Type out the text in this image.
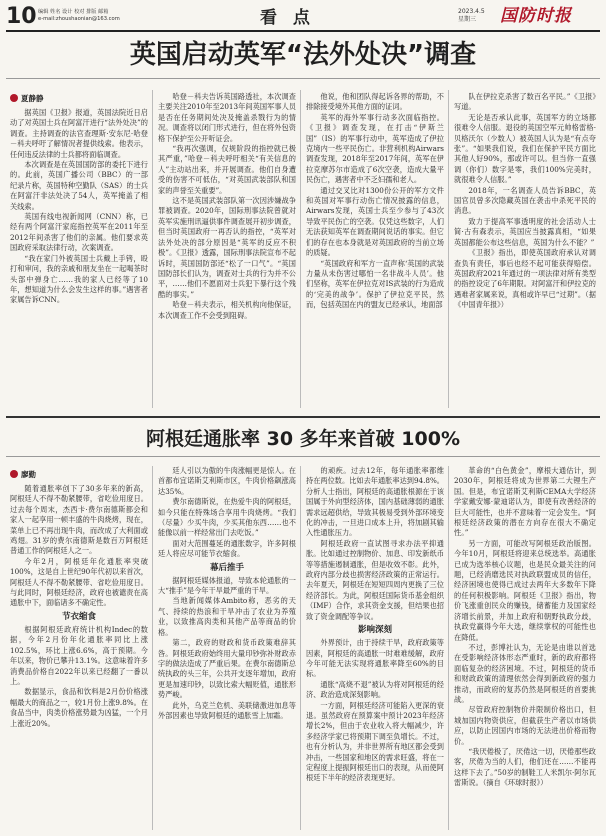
10 编辑 姓名 设计 校对 排版 邮箱
e-mail:zhoushaonian@163.com	看 点	2023.4.5
星期三	国防时报
英国启动英军“法外处决”调查
夏静静

据英国《卫报》报道，英国法院近日启动了对英国士兵在阿富汗进行“法外处决”的调查。主持调查的法官查理斯·安东尼·哈登－科夫呼吁了解情况者提供线索。他表示，任何违反法律的士兵都将面临调查。

本次调查是在英国国防部的委托下进行的。此前，英国广播公司（BBC）的一部纪录片称，英国特种空勤队（SAS）的士兵在阿富汗非法处决了54人，英军掩盖了相关线索。

英国有线电视新闻网（CNN）称，已经有两个阿富汗家庭指控英军在2011年至2012年间杀害了他们的亲属。他们要求英国政府采取法律行动，次案调查。

“我在家门外被英国士兵戴上手铐，殴打和审问，我的亲戚和朋友坐在一起喝茶时头部中弹身亡……我的家人已经等了10年，想知道为什么会发生这样的事。”遇害者家属告诉CNN。

哈登－科夫告诉英国路透社，本次调查主要关注2010年至2013年间英国军事人员是否在任务期间处决及掩盖杀戮行为的情况。调查将以闭门形式进行，但在将外包资格下保护至公开听证会。

“我再次强调，仅规阶段的指控就已极其严重，”哈登－科夫呼吁相关“有关信息的人”主动站出来，并开展调查。他们自身遭受的伤害不可低估，“对英国武装部队和国家的声誉至关重要”。

这不是英国武装部队第一次因涉嫌战争罪被调查。2020年，国际刑事法院曾就对英军实施刑讯逼供事件调查展开初步调查，但当时英国政府一再否认的指控，“英军对法外处决的部分原因是“英军的反应不积极”。《卫报》透露，国际刑事法院宣布不起诉时，英国国防部还“松了一口气”。“英国国防部长们认为，调查对士兵的行为并不公平，……他们不愿面对士兵犯下暴行这个残酷的事实。”

哈登－科夫表示，相关机构向他保证，本次调查工作不会受到阻碍。

他说，他和团队得起诉各界的帮助，不排除接受境外其他方面的证词。

英军的海外军事行动多次面临指控。《卫报》调查发现，在打击“伊斯兰国”（IS）的军事行动中，英军造成了伊拉克境内一些平民伤亡。非营利机构Airwars调查发现，2018年至2017年间，英军在伊拉克摩苏尔市造成了6次空袭，造成大量平民伤亡，遇害者中不乏妇孺和老人。

通过交叉比对1300份公开的军方文件和英国对军事行动伤亡情况披露的信息，Airwars发现，英国士兵至少参与了43次导致平民伤亡的空袭。仅凭这些数字，人们无法获知英军在调查期间说话的事实。但它们的存在也本身就是对英国政府的当前立场的质疑。

“英国政府和军方一直声称‘英国的武装力量从未伤害过哪怕一名非战斗人员’。他们坚称，英军在伊拉克对IS武装的行为造成的‘完美的战争’。保护了伊拉克平民，然而，包括英国在内的盟友已经承认，地面部

队在伊拉克杀害了数百名平民。”《卫报》写道。

无论是否承认此事，英国军方的立场都很难令人信服。退役的英国空军元帅格雷格·贝格沃尔（少数人）被英国人认为是“有点夸张”。“如果我们说，我们在保护平民方面比其他人好90%，那或许可以。但当你一直强调（你们）数字是零，我们100%完美时，就很难令人信服。”

2018年，一名调查人员告诉BBC，英国官员曾多次隐藏英国在袭击中杀死平民的消息。

致力于提高军事透明度的社会活动人士简·古有森表示，英国应当披露真相，“如果英国都能公布这些信息，英国为什么不能？”

《卫报》指出，即使英国政府承认对调查负有责任，事后也经不起可能获得赔偿。英国政府2021年通过的一项法律对所有类型的指控设定了6年期限。对阿富汗和伊拉克的遇难者家属来说，真相或许早已“过期”。（据《中国青年报》）

阿根廷通胀率 30 多年来首破 100%
廖勤

随着通胀率创下了30多年来的新高，阿根廷人不得不勒紧腰带，省吃俭用度日。过去每个周末，杰西卡·费尔南德斯都会和家人一起享用一顿丰盛的牛肉烧烤，现在，菜单上已不再出现牛肉，而改成了大利面或鸡翅。31岁的费尔南德斯是数百万阿根廷普通工作的阿根廷人之一。

今年2月，阿根廷年化通胀率突破100%，这是自上世纪90年代初以来首次，阿根廷人不得不勒紧腰带、省吃俭用度日。与此同时，阿根廷经济，政府也被谴责在高通胀中下，面临诸多不确定性。

节衣缩食

根据阿根廷政府统计机构Indec的数据，今年2月份年化通胀率同比上涨102.5%，环比上涨6.6%，高于预期。今年以来，物价已攀升13.1%。这意味着许多消费品价格自2022年以来已经翻了一番以上。

数据显示，食品和饮料是2月份价格涨幅最大的商品之一，较1月份上涨9.8%。在食品当中，肉类价格涨势最为凶猛，一个月上涨近20%。

廷人引以为傲的牛肉涨幅更是惊人。在首都布宜诺斯艾利斯市区，牛肉价格飙涨高达35%。

费尔南德斯说，在热爱牛肉的阿根廷，如今只能在特殊场合享用牛肉烧烤。“我们（尽量）少买牛肉，少买其他东西……也不能像以前一样经常出门去吃饭。”

面对大范围蔓延的通胀数字，许多阿根廷人将应尽可能节衣缩食。

幕后推手

据阿根廷媒体报道，导致本轮通胀的一大“推手”是今年干旱最严重的干旱。

当地新闻媒体Ambito称，恶劣的天气、持续的热浪和干旱冲击了农业为养殖业，以致推高肉类和其他产品等商品的价格。

第二，政府的财政和货币政策难辞其咎。阿根廷政府始终用大量印钞弥补财政赤字的做法造成了严重后果。在费尔南德斯总统执政的头三年，公共开支逐年增加，政府更是加速印钞，以致比索大幅贬值，通胀形势严峻。

此外，乌克兰危机、美联储激进加息等外部因素也导致阿根廷的通胀雪上加霜。

的顽疾。过去12年，每年通胀率都维持在两位数。比如去年通胀率达到94.8%。分析人士指出，阿根廷的高通胀根源在于该国属于外向型经济体，国内基础薄弱的通胀需求远超供给，导致其极易受到外部环境变化的冲击，一旦进口成本上升，将加剧其输入性通胀压力。

阿根廷政府一直试图寻求办法平抑通胀。比如通过控制物价、加息、印发新纸币等等措施遏制通胀，但是收效不彰。此外，政府内部分歧也损害经济政策的正常运行。去年夏天，阿根廷在短短四周内更换了三位经济部长。为此，阿根廷国际货币基金组织（IMF）合作，求其资金支援，但结果也招致了资金调配等争议。

影响深刻

外界预计，由于持续干旱，政府政策等因素，阿根廷的高通胀一时难难缓解，政府今年可能无法实现将通胀率降至60%的目标。

通胀“高烧不退”被认为将对阿根廷的经济、政治造成深刻影响。

一方面，阿根廷经济可能陷入更深的衰退。虽然政府在预算案中预计2023年经济增长2%，但由于农业收入将大幅减少，许多经济学家已将预期下调至负增长。不过，也有分析认为，并非世界所有地区都会受到冲击，一些国家和地区的需求旺盛，将在一定程度上提振阿根廷出口的表现，从而使阿根廷下半年的经济表现更好。

革命的“白色黄金”，摩根大通估计，到2030年，阿根廷将成为世界第二大锂生产国。但是，布宜诺斯艾利斯CEMA大学经济学家戴安娜·蒙迪诺认为，即使有改善经济的巨大可能性，也并不意味着一定会发生。“阿根廷经济政策的潜在方向存在很大不确定性。”

另一方面，可能改写阿根廷政治版图。今年10月，阿根廷将迎来总统选举。高通胀已成为选举核心议题，也是民众最关注的问题，已经消磨选民对执政联盟成员的信任，经济困境也使得已成过去两年大多数年下降的任何积极影响。阿根廷《卫报》指出，物价飞涨重创民众的赚钱，储蓄能力及国家经济增长前景，并加上政府和朝野执政分歧，执政党赢得今年大选，继续掌权的可能性也在降低。

不过，彭博社认为，无论是由谁以首选在受影响经济体形态严重时，新的政府都将面临复杂的经济困境。不过，阿根廷的货币和财政政策的清理依然会得到新政府的强力推动，而政府的复苏仍然是阿根廷的首要挑战。

尽管政府控制物价并限制价格出口，但城加国内物资供应，但截获生产者以市场供应，以防止因国内市场的无法进出价格而物价。

“我厌倦极了，厌倦这一切，厌倦那些政客，厌倦为当的人们，他们还在……不能再这样下去了。”50岁的制鞋工人米凯尔·阿尔瓦雷斯说。（摘自《环球时报》）
